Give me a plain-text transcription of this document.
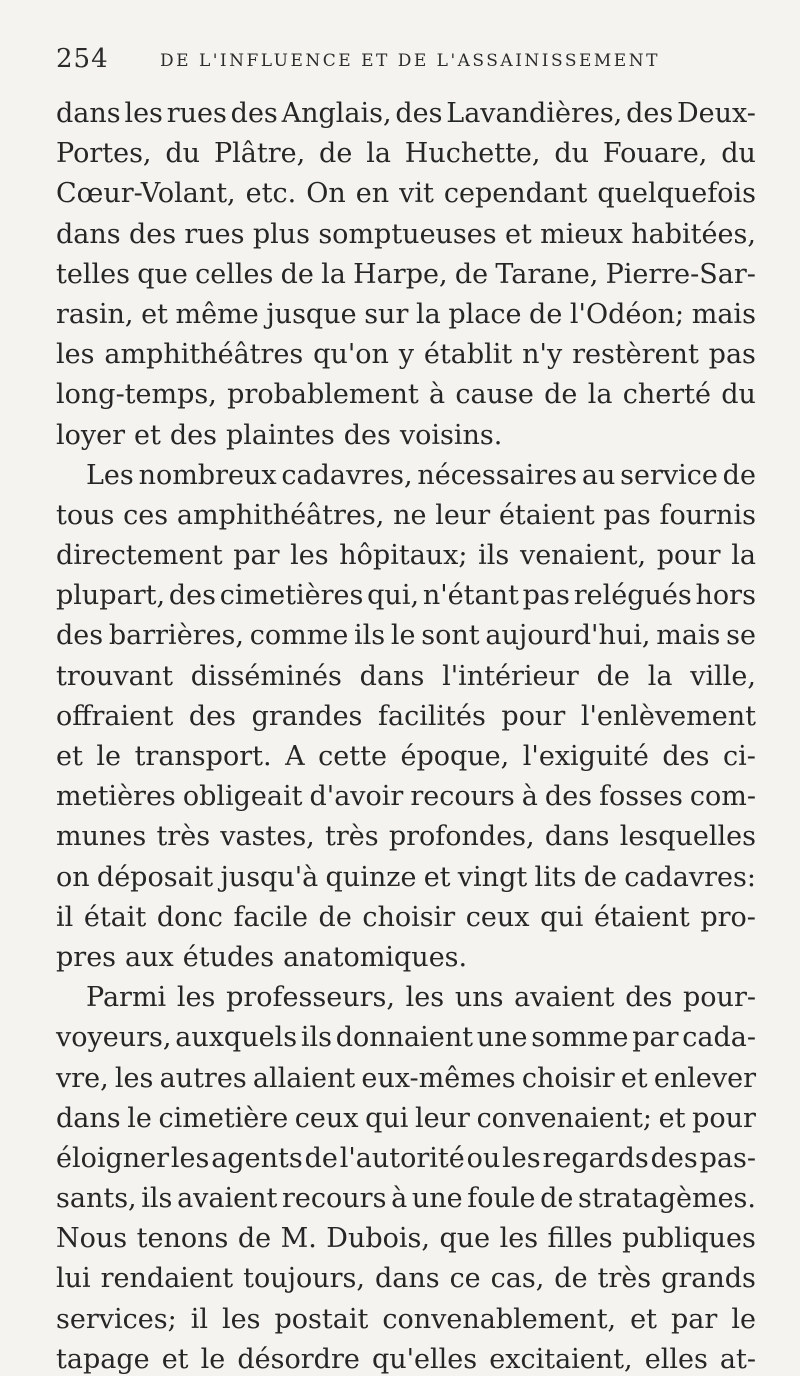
254	DE L'INFLUENCE ET DE L'ASSAINISSEMENT
dans les rues des Anglais, des Lavandières, des Deux-
Portes, du Plâtre, de la Huchette, du Fouare, du
Cœur-Volant, etc. On en vit cependant quelquefois
dans des rues plus somptueuses et mieux habitées,
telles que celles de la Harpe, de Tarane, Pierre-Sar-
rasin, et même jusque sur la place de l'Odéon; mais
les amphithéâtres qu'on y établit n'y restèrent pas
long-temps, probablement à cause de la cherté du
loyer et des plaintes des voisins.
Les nombreux cadavres, nécessaires au service de
tous ces amphithéâtres, ne leur étaient pas fournis
directement par les hôpitaux; ils venaient, pour la
plupart, des cimetières qui, n'étant pas relégués hors
des barrières, comme ils le sont aujourd'hui, mais se
trouvant disséminés dans l'intérieur de la ville,
offraient des grandes facilités pour l'enlèvement
et le transport. A cette époque, l'exiguité des ci-
metières obligeait d'avoir recours à des fosses com-
munes très vastes, très profondes, dans lesquelles
on déposait jusqu'à quinze et vingt lits de cadavres:
il était donc facile de choisir ceux qui étaient pro-
pres aux études anatomiques.
Parmi les professeurs, les uns avaient des pour-
voyeurs, auxquels ils donnaient une somme par cada-
vre, les autres allaient eux-mêmes choisir et enlever
dans le cimetière ceux qui leur convenaient; et pour
éloigner les agents de l'autorité ou les regards des pas-
sants, ils avaient recours à une foule de stratagèmes.
Nous tenons de M. Dubois, que les filles publiques
lui rendaient toujours, dans ce cas, de très grands
services; il les postait convenablement, et par le
tapage et le désordre qu'elles excitaient, elles at-
